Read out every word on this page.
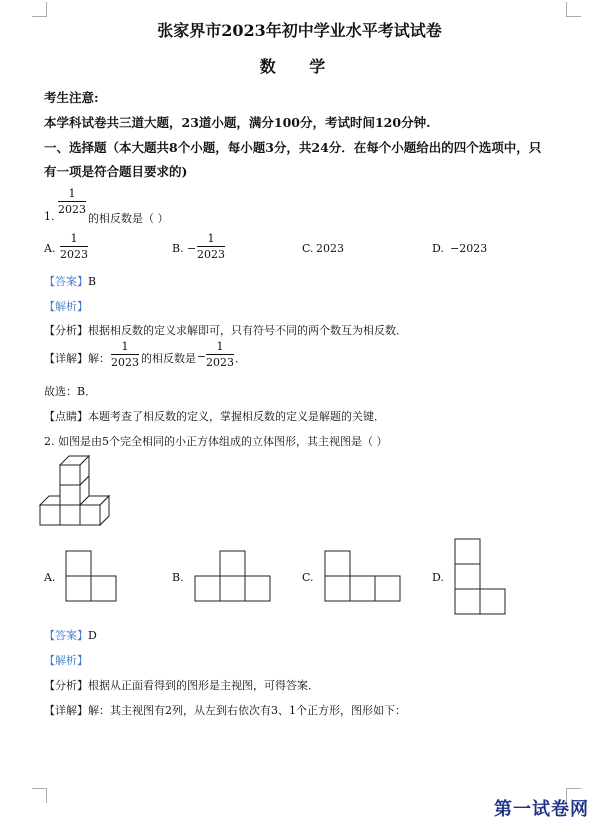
张家界市2023年初中学业水平考试试卷
数 学
考生注意:
本学科试卷共三道大题，23道小题，满分100分，考试时间120分钟.
一、选择题（本大题共8个小题，每小题3分，共24分．在每个小题给出的四个选项中，只
有一项是符合题目要求的)
1.
1
2023
的相反数是（ ）
A.
1
2023	B. −
1
2023	C. 2023	D. −2023
【答案】B
【解析】
【分析】根据相反数的定义求解即可，只有符号不同的两个数互为相反数．
【详解】解：
1
2023 的相反数是 −
1
2023 ．
故选：B．
【点睛】本题考查了相反数的定义，掌握相反数的定义是解题的关键．
2. 如图是由5个完全相同的小正方体组成的立体图形，其主视图是（ ）
A.	B.	C.	D.
【答案】D
【解析】
【分析】根据从正面看得到的图形是主视图，可得答案．
【详解】解：其主视图有2列，从左到右依次有3、1个正方形，图形如下：
第一试卷网
